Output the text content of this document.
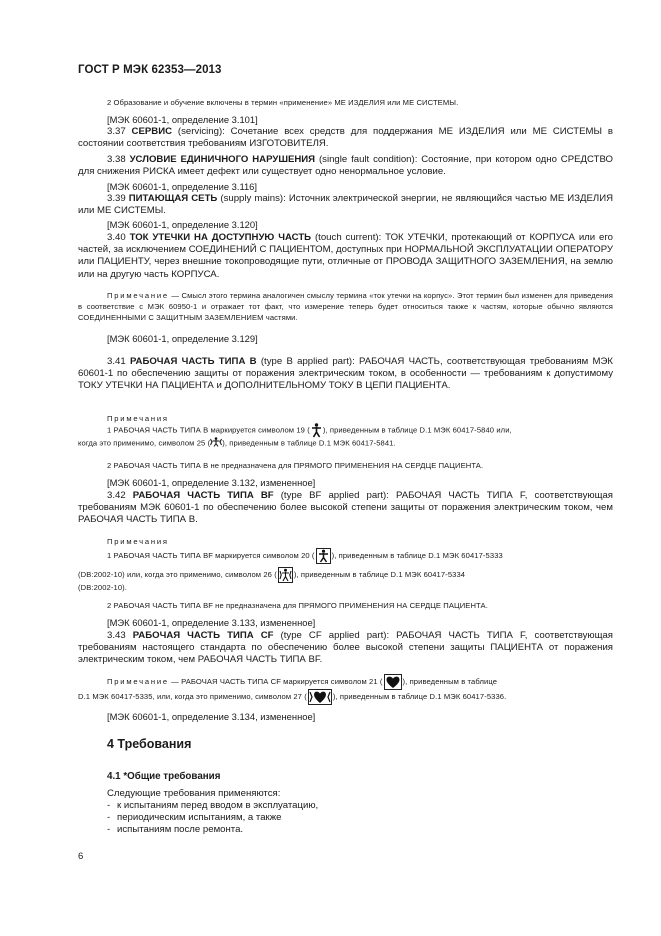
ГОСТ Р МЭК 62353—2013
2 Образование и обучение включены в термин «применение» МЕ ИЗДЕЛИЯ или МЕ СИСТЕМЫ.
[МЭК 60601-1, определение 3.101]
3.37 СЕРВИС (servicing): Сочетание всех средств для поддержания МЕ ИЗДЕЛИЯ или МЕ СИСТЕМЫ в состоянии соответствия требованиям ИЗГОТОВИТЕЛЯ.
3.38 УСЛОВИЕ ЕДИНИЧНОГО НАРУШЕНИЯ (single fault condition): Состояние, при котором одно СРЕДСТВО для снижения РИСКА имеет дефект или существует одно ненормальное условие.
[МЭК 60601-1, определение 3.116]
3.39 ПИТАЮЩАЯ СЕТЬ (supply mains): Источник электрической энергии, не являющийся частью МЕ ИЗДЕЛИЯ или МЕ СИСТЕМЫ.
[МЭК 60601-1, определение 3.120]
3.40 ТОК УТЕЧКИ НА ДОСТУПНУЮ ЧАСТЬ (touch current): ТОК УТЕЧКИ, протекающий от КОРПУСА или его частей, за исключением СОЕДИНЕНИЙ С ПАЦИЕНТОМ, доступных при НОРМАЛЬНОЙ ЭКСПЛУАТАЦИИ ОПЕРАТОРУ или ПАЦИЕНТУ, через внешние токопроводящие пути, отличные от ПРОВОДА ЗАЩИТНОГО ЗАЗЕМЛЕНИЯ, на землю или на другую часть КОРПУСА.
Примечание — Смысл этого термина аналогичен смыслу термина «ток утечки на корпус». Этот термин был изменен для приведения в соответствие с МЭК 60950-1 и отражает тот факт, что измерение теперь будет относиться также к частям, которые обычно являются СОЕДИНЕННЫМИ С ЗАЩИТНЫМ ЗАЗЕМЛЕНИЕМ частями.
[МЭК 60601-1, определение 3.129]
3.41 РАБОЧАЯ ЧАСТЬ ТИПА В (type B applied part): РАБОЧАЯ ЧАСТЬ, соответствующая требованиям МЭК 60601-1 по обеспечению защиты от поражения электрическим током, в особенности — требованиям к допустимому ТОКУ УТЕЧКИ НА ПАЦИЕНТА и ДОПОЛНИТЕЛЬНОМУ ТОКУ В ЦЕПИ ПАЦИЕНТА.
Примечания
1 РАБОЧАЯ ЧАСТЬ ТИПА В маркируется символом 19 ( ), приведенным в таблице D.1 МЭК 60417-5840 или,
когда это применимо, символом 25 ( ), приведенным в таблице D.1 МЭК 60417-5841.
2 РАБОЧАЯ ЧАСТЬ ТИПА В не предназначена для ПРЯМОГО ПРИМЕНЕНИЯ НА СЕРДЦЕ ПАЦИЕНТА.
[МЭК 60601-1, определение 3.132, измененное]
3.42 РАБОЧАЯ ЧАСТЬ ТИПА BF (type BF applied part): РАБОЧАЯ ЧАСТЬ ТИПА F, соответствующая требованиям МЭК 60601-1 по обеспечению более высокой степени защиты от поражения электрическим током, чем РАБОЧАЯ ЧАСТЬ ТИПА В.
Примечания
1 РАБОЧАЯ ЧАСТЬ ТИПА BF маркируется символом 20 ( ), приведенным в таблице D.1 МЭК 60417-5333
(DB:2002-10) или, когда это применимо, символом 26 ( ), приведенным в таблице D.1 МЭК 60417-5334
(DB:2002-10).
2 РАБОЧАЯ ЧАСТЬ ТИПА BF не предназначена для ПРЯМОГО ПРИМЕНЕНИЯ НА СЕРДЦЕ ПАЦИЕНТА.
[МЭК 60601-1, определение 3.133, измененное]
3.43 РАБОЧАЯ ЧАСТЬ ТИПА CF (type CF applied part): РАБОЧАЯ ЧАСТЬ ТИПА F, соответствующая требованиям настоящего стандарта по обеспечению более высокой степени защиты ПАЦИЕНТА от поражения электрическим током, чем РАБОЧАЯ ЧАСТЬ ТИПА BF.
Примечание — РАБОЧАЯ ЧАСТЬ ТИПА CF маркируется символом 21 (	), приведенным в таблице
D.1 МЭК 60417-5335, или, когда это применимо, символом 27 (	), приведенным в таблице D.1 МЭК 60417-5336.
[МЭК 60601-1, определение 3.134, измененное]
4 Требования
4.1 *Общие требования
Следующие требования применяются:
- к испытаниям перед вводом в эксплуатацию,
- периодическим испытаниям, а также
- испытаниям после ремонта.
6
